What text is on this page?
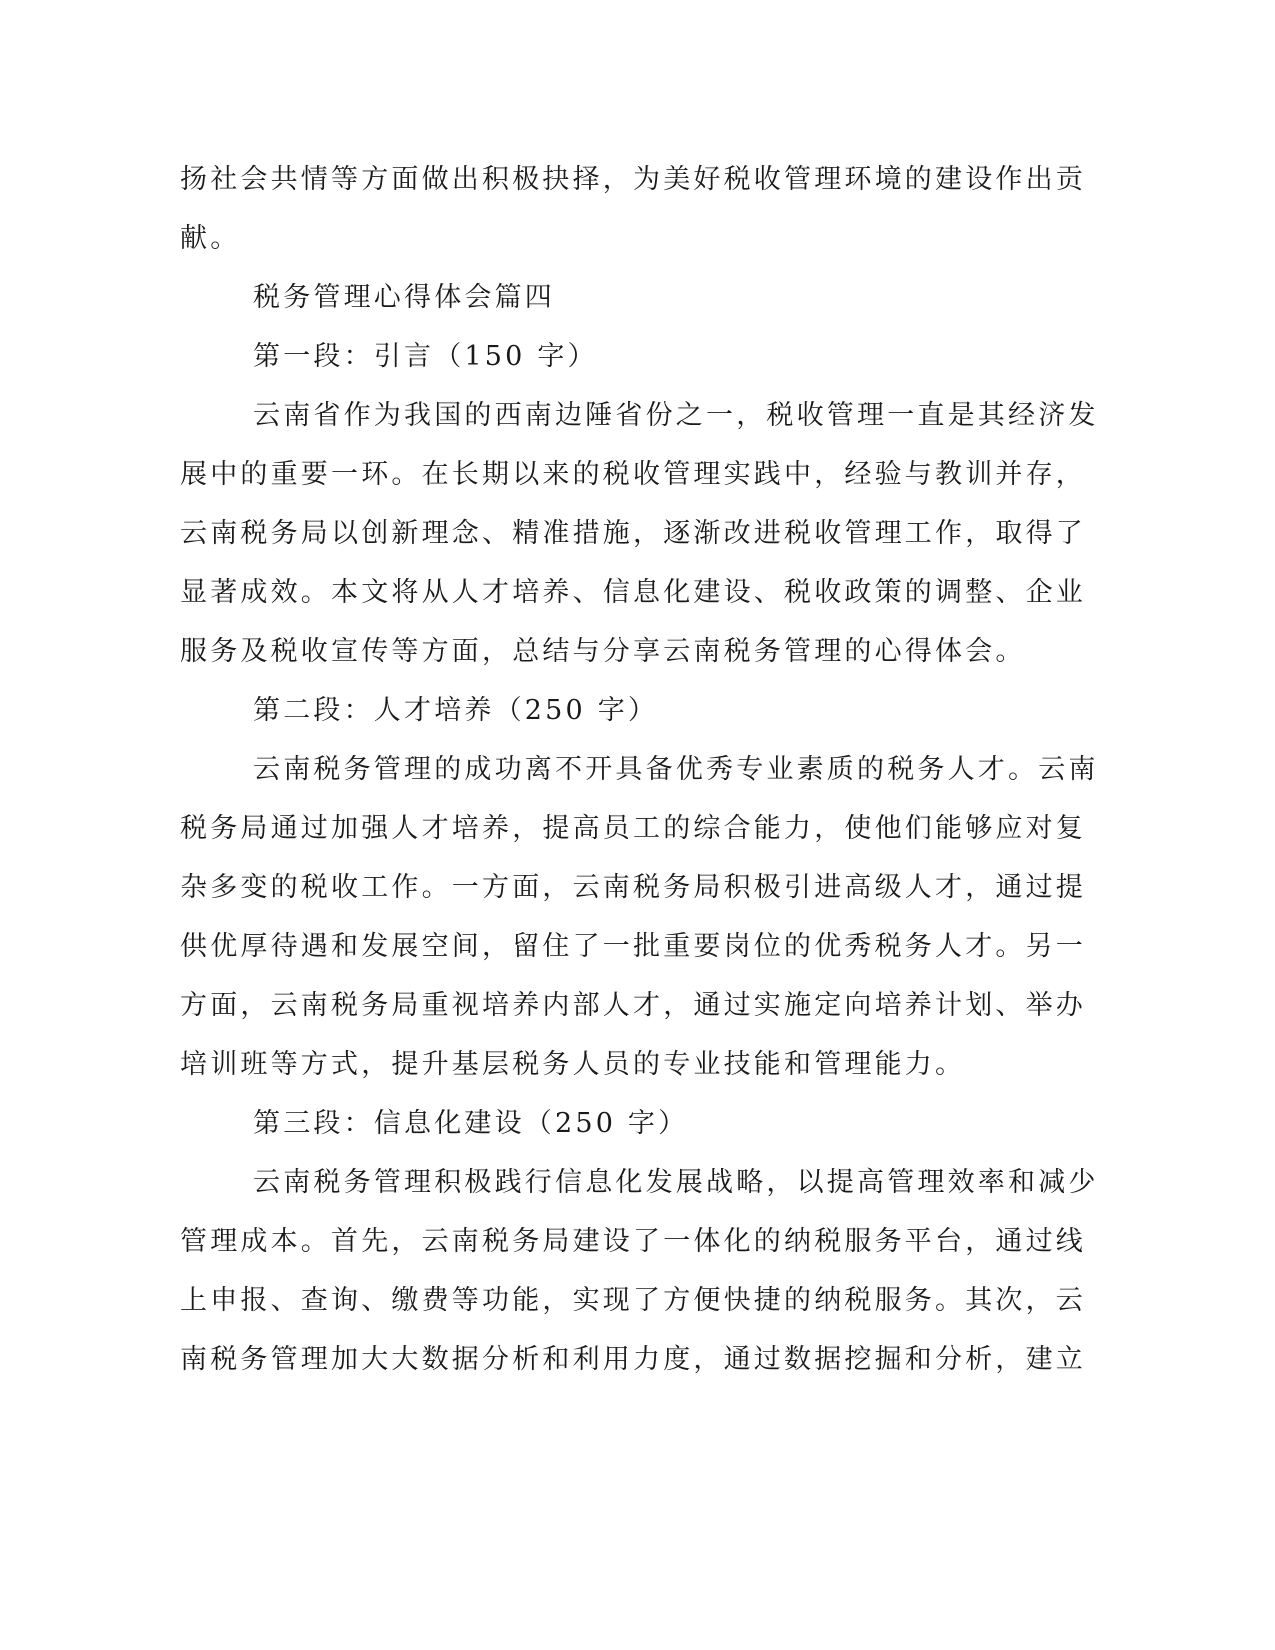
扬社会共情等方面做出积极抉择，为美好税收管理环境的建设作出贡
献。
税务管理心得体会篇四
第一段：引言（150 字）
云南省作为我国的西南边陲省份之一，税收管理一直是其经济发
展中的重要一环。在长期以来的税收管理实践中，经验与教训并存，
云南税务局以创新理念、精准措施，逐渐改进税收管理工作，取得了
显著成效。本文将从人才培养、信息化建设、税收政策的调整、企业
服务及税收宣传等方面，总结与分享云南税务管理的心得体会。
第二段：人才培养（250 字）
云南税务管理的成功离不开具备优秀专业素质的税务人才。云南
税务局通过加强人才培养，提高员工的综合能力，使他们能够应对复
杂多变的税收工作。一方面，云南税务局积极引进高级人才，通过提
供优厚待遇和发展空间，留住了一批重要岗位的优秀税务人才。另一
方面，云南税务局重视培养内部人才，通过实施定向培养计划、举办
培训班等方式，提升基层税务人员的专业技能和管理能力。
第三段：信息化建设（250 字）
云南税务管理积极践行信息化发展战略，以提高管理效率和减少
管理成本。首先，云南税务局建设了一体化的纳税服务平台，通过线
上申报、查询、缴费等功能，实现了方便快捷的纳税服务。其次，云
南税务管理加大大数据分析和利用力度，通过数据挖掘和分析，建立
